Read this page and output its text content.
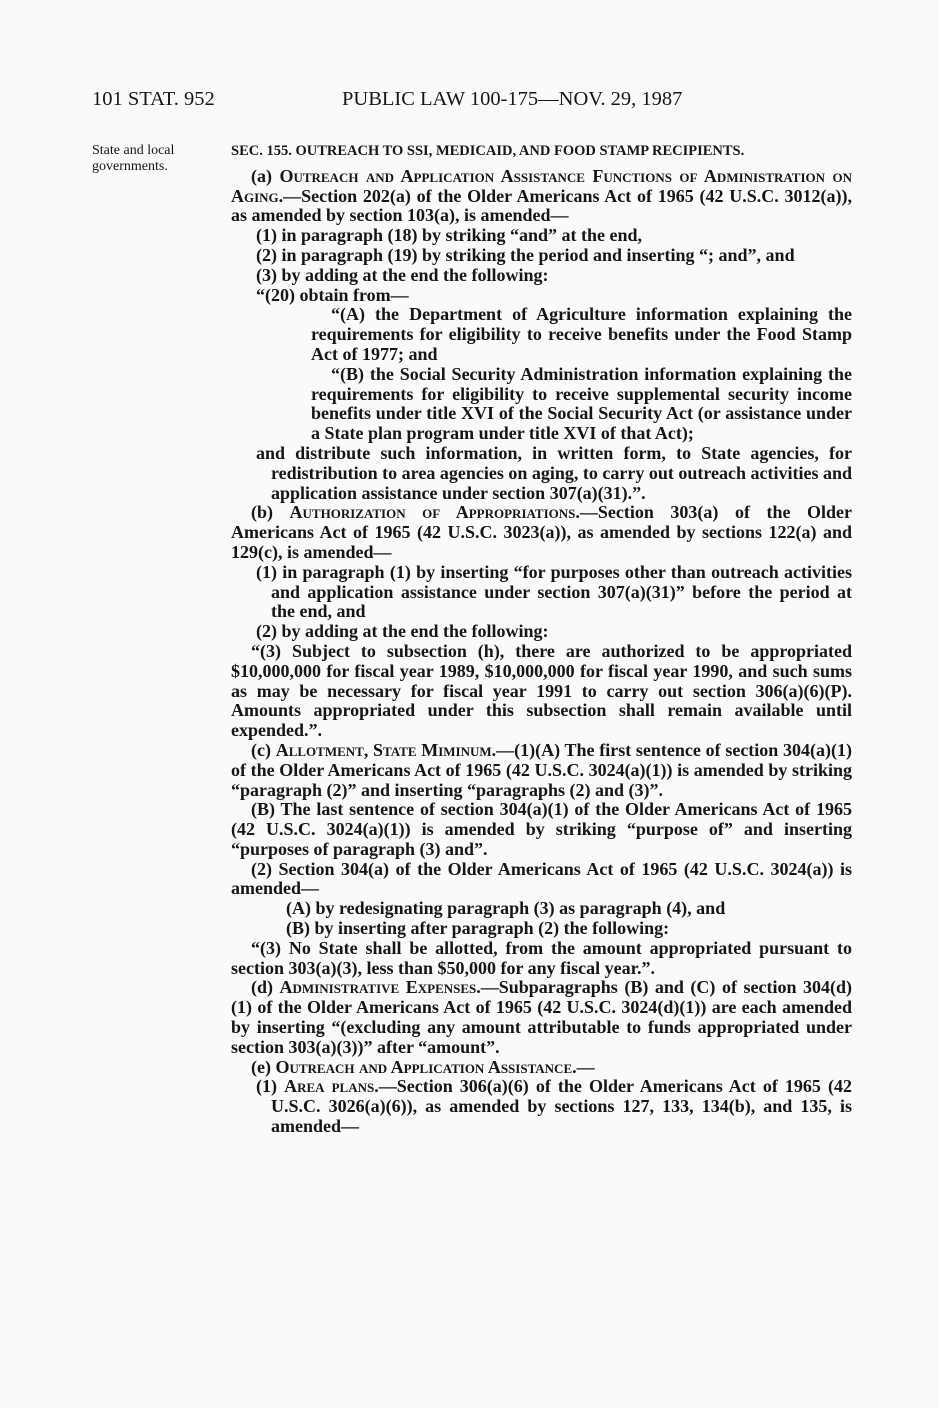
101 STAT. 952	PUBLIC LAW 100-175—NOV. 29, 1987
State and local governments.

SEC. 155. OUTREACH TO SSI, MEDICAID, AND FOOD STAMP RECIPIENTS.

(a) Outreach and Application Assistance Functions of Administration on Aging.—Section 202(a) of the Older Americans Act of 1965 (42 U.S.C. 3012(a)), as amended by section 103(a), is amended—

(1) in paragraph (18) by striking “and” at the end,

(2) in paragraph (19) by striking the period and inserting “; and”, and

(3) by adding at the end the following:

“(20) obtain from—

“(A) the Department of Agriculture information explaining the requirements for eligibility to receive benefits under the Food Stamp Act of 1977; and

“(B) the Social Security Administration information explaining the requirements for eligibility to receive supplemental security income benefits under title XVI of the Social Security Act (or assistance under a State plan program under title XVI of that Act);

and distribute such information, in written form, to State agencies, for redistribution to area agencies on aging, to carry out outreach activities and application assistance under section 307(a)(31).”.

(b) Authorization of Appropriations.—Section 303(a) of the Older Americans Act of 1965 (42 U.S.C. 3023(a)), as amended by sections 122(a) and 129(c), is amended—

(1) in paragraph (1) by inserting “for purposes other than outreach activities and application assistance under section 307(a)(31)” before the period at the end, and

(2) by adding at the end the following:

“(3) Subject to subsection (h), there are authorized to be appropriated $10,000,000 for fiscal year 1989, $10,000,000 for fiscal year 1990, and such sums as may be necessary for fiscal year 1991 to carry out section 306(a)(6)(P). Amounts appropriated under this subsection shall remain available until expended.”.

(c) Allotment, State Miminum.—(1)(A) The first sentence of section 304(a)(1) of the Older Americans Act of 1965 (42 U.S.C. 3024(a)(1)) is amended by striking “paragraph (2)” and inserting “paragraphs (2) and (3)”.

(B) The last sentence of section 304(a)(1) of the Older Americans Act of 1965 (42 U.S.C. 3024(a)(1)) is amended by striking “purpose of” and inserting “purposes of paragraph (3) and”.

(2) Section 304(a) of the Older Americans Act of 1965 (42 U.S.C. 3024(a)) is amended—

(A) by redesignating paragraph (3) as paragraph (4), and

(B) by inserting after paragraph (2) the following:

“(3) No State shall be allotted, from the amount appropriated pursuant to section 303(a)(3), less than $50,000 for any fiscal year.”.

(d) Administrative Expenses.—Subparagraphs (B) and (C) of section 304(d)(1) of the Older Americans Act of 1965 (42 U.S.C. 3024(d)(1)) are each amended by inserting “(excluding any amount attributable to funds appropriated under section 303(a)(3))” after “amount”.

(e) Outreach and Application Assistance.—

(1) Area plans.—Section 306(a)(6) of the Older Americans Act of 1965 (42 U.S.C. 3026(a)(6)), as amended by sections 127, 133, 134(b), and 135, is amended—
